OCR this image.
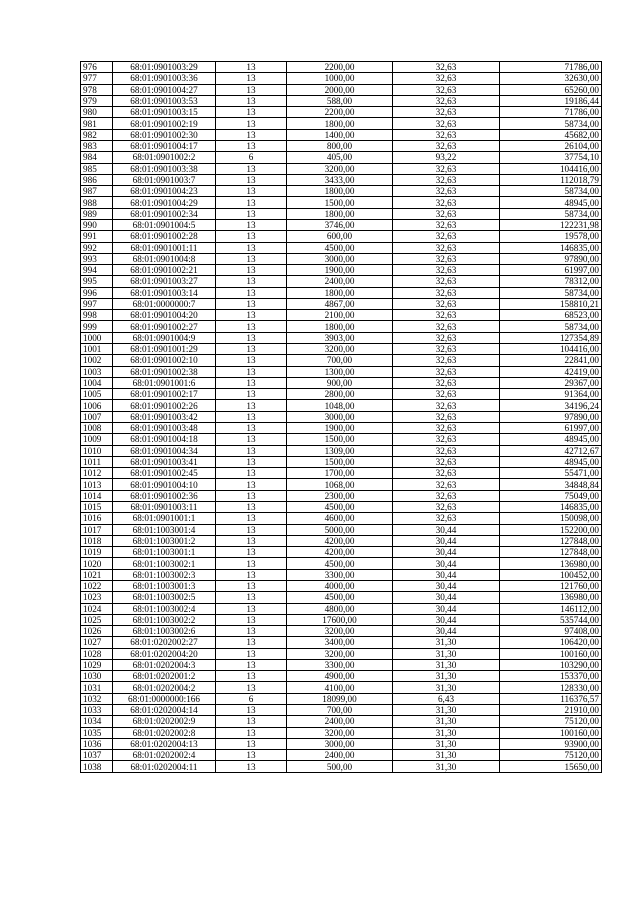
976	68:01:0901003:29	13	2200,00	32,63	71786,00
977	68:01:0901003:36	13	1000,00	32,63	32630,00
978	68:01:0901004:27	13	2000,00	32,63	65260,00
979	68:01:0901003:53	13	588,00	32,63	19186,44
980	68:01:0901003:15	13	2200,00	32,63	71786,00
981	68:01:0901002:19	13	1800,00	32,63	58734,00
982	68:01:0901002:30	13	1400,00	32,63	45682,00
983	68:01:0901004:17	13	800,00	32,63	26104,00
984	68:01:0901002:2	6	405,00	93,22	37754,10
985	68:01:0901003:38	13	3200,00	32,63	104416,00
986	68:01:0901003:7	13	3433,00	32,63	112018,79
987	68:01:0901004:23	13	1800,00	32,63	58734,00
988	68:01:0901004:29	13	1500,00	32,63	48945,00
989	68:01:0901002:34	13	1800,00	32,63	58734,00
990	68:01:0901004:5	13	3746,00	32,63	122231,98
991	68:01:0901002:28	13	600,00	32,63	19578,00
992	68:01:0901001:11	13	4500,00	32,63	146835,00
993	68:01:0901004:8	13	3000,00	32,63	97890,00
994	68:01:0901002:21	13	1900,00	32,63	61997,00
995	68:01:0901003:27	13	2400,00	32,63	78312,00
996	68:01:0901003:14	13	1800,00	32,63	58734,00
997	68:01:0000000:7	13	4867,00	32,63	158810,21
998	68:01:0901004:20	13	2100,00	32,63	68523,00
999	68:01:0901002:27	13	1800,00	32,63	58734,00
1000	68:01:0901004:9	13	3903,00	32,63	127354,89
1001	68:01:0901001:29	13	3200,00	32,63	104416,00
1002	68:01:0901002:10	13	700,00	32,63	22841,00
1003	68:01:0901002:38	13	1300,00	32,63	42419,00
1004	68:01:0901001:6	13	900,00	32,63	29367,00
1005	68:01:0901002:17	13	2800,00	32,63	91364,00
1006	68:01:0901002:26	13	1048,00	32,63	34196,24
1007	68:01:0901003:42	13	3000,00	32,63	97890,00
1008	68:01:0901003:48	13	1900,00	32,63	61997,00
1009	68:01:0901004:18	13	1500,00	32,63	48945,00
1010	68:01:0901004:34	13	1309,00	32,63	42712,67
1011	68:01:0901003:41	13	1500,00	32,63	48945,00
1012	68:01:0901002:45	13	1700,00	32,63	55471,00
1013	68:01:0901004:10	13	1068,00	32,63	34848,84
1014	68:01:0901002:36	13	2300,00	32,63	75049,00
1015	68:01:0901003:11	13	4500,00	32,63	146835,00
1016	68:01:0901001:1	13	4600,00	32,63	150098,00
1017	68:01:1003001:4	13	5000,00	30,44	152200,00
1018	68:01:1003001:2	13	4200,00	30,44	127848,00
1019	68:01:1003001:1	13	4200,00	30,44	127848,00
1020	68:01:1003002:1	13	4500,00	30,44	136980,00
1021	68:01:1003002:3	13	3300,00	30,44	100452,00
1022	68:01:1003001:3	13	4000,00	30,44	121760,00
1023	68:01:1003002:5	13	4500,00	30,44	136980,00
1024	68:01:1003002:4	13	4800,00	30,44	146112,00
1025	68:01:1003002:2	13	17600,00	30,44	535744,00
1026	68:01:1003002:6	13	3200,00	30,44	97408,00
1027	68:01:0202002:27	13	3400,00	31,30	106420,00
1028	68:01:0202004:20	13	3200,00	31,30	100160,00
1029	68:01:0202004:3	13	3300,00	31,30	103290,00
1030	68:01:0202001:2	13	4900,00	31,30	153370,00
1031	68:01:0202004:2	13	4100,00	31,30	128330,00
1032	68:01:0000000:166	6	18099,00	6,43	116376,57
1033	68:01:0202004:14	13	700,00	31,30	21910,00
1034	68:01:0202002:9	13	2400,00	31,30	75120,00
1035	68:01:0202002:8	13	3200,00	31,30	100160,00
1036	68:01:0202004:13	13	3000,00	31,30	93900,00
1037	68:01:0202002:4	13	2400,00	31,30	75120,00
1038	68:01:0202004:11	13	500,00	31,30	15650,00
